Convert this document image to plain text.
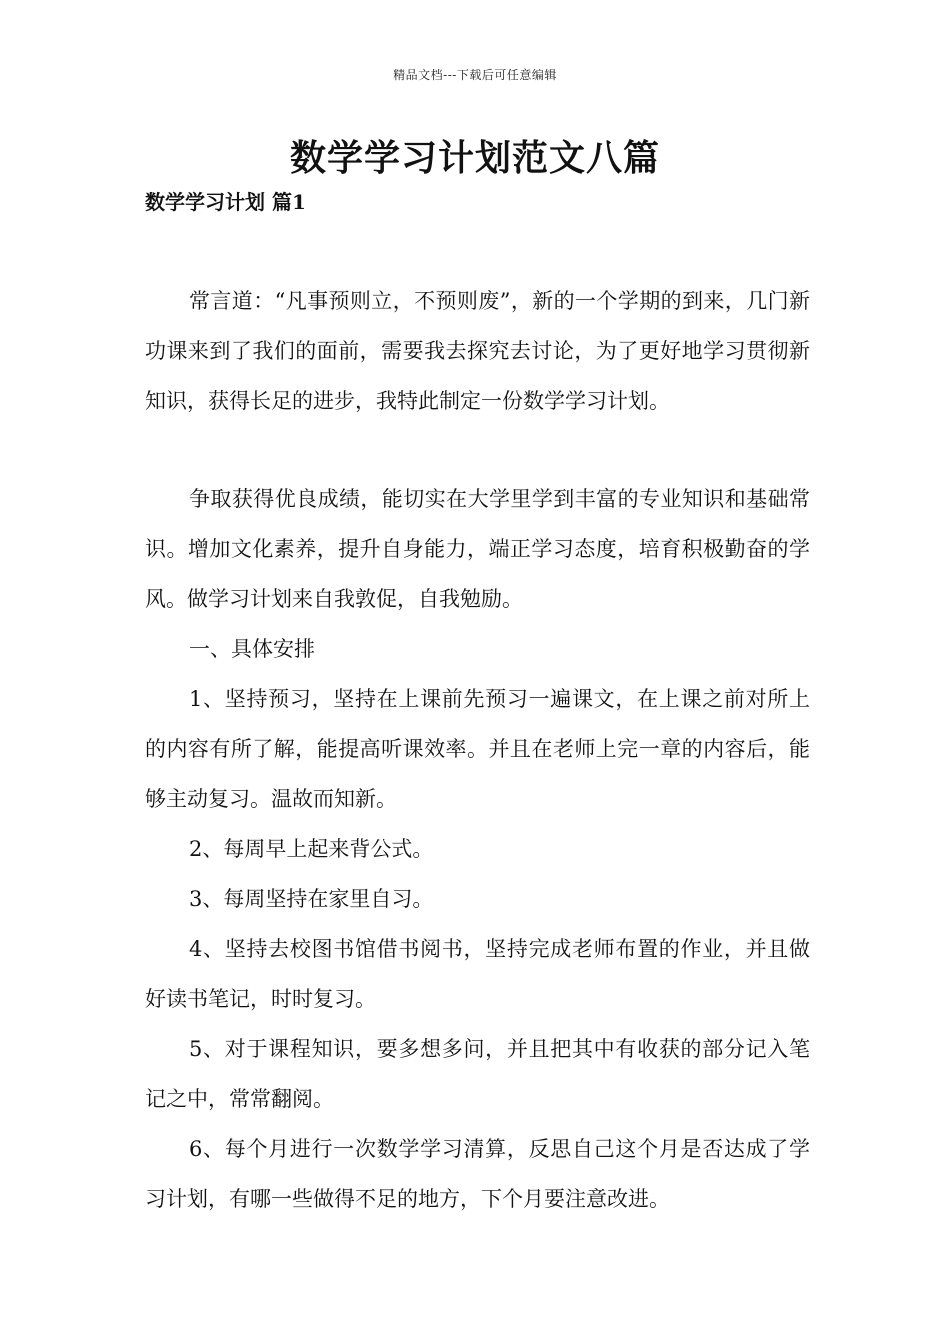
精品文档---下载后可任意编辑
数学学习计划范文八篇
数学学习计划 篇1

常言道：“凡事预则立，不预则废”，新的一个学期的到来，几门新功课来到了我们的面前，需要我去探究去讨论，为了更好地学习贯彻新知识，获得长足的进步，我特此制定一份数学学习计划。

争取获得优良成绩，能切实在大学里学到丰富的专业知识和基础常识。增加文化素养，提升自身能力，端正学习态度，培育积极勤奋的学风。做学习计划来自我敦促，自我勉励。

一、具体安排

1、坚持预习，坚持在上课前先预习一遍课文，在上课之前对所上的内容有所了解，能提高听课效率。并且在老师上完一章的内容后，能够主动复习。温故而知新。

2、每周早上起来背公式。

3、每周坚持在家里自习。

4、坚持去校图书馆借书阅书，坚持完成老师布置的作业，并且做好读书笔记，时时复习。

5、对于课程知识，要多想多问，并且把其中有收获的部分记入笔记之中，常常翻阅。

6、每个月进行一次数学学习清算，反思自己这个月是否达成了学习计划，有哪一些做得不足的地方，下个月要注意改进。
